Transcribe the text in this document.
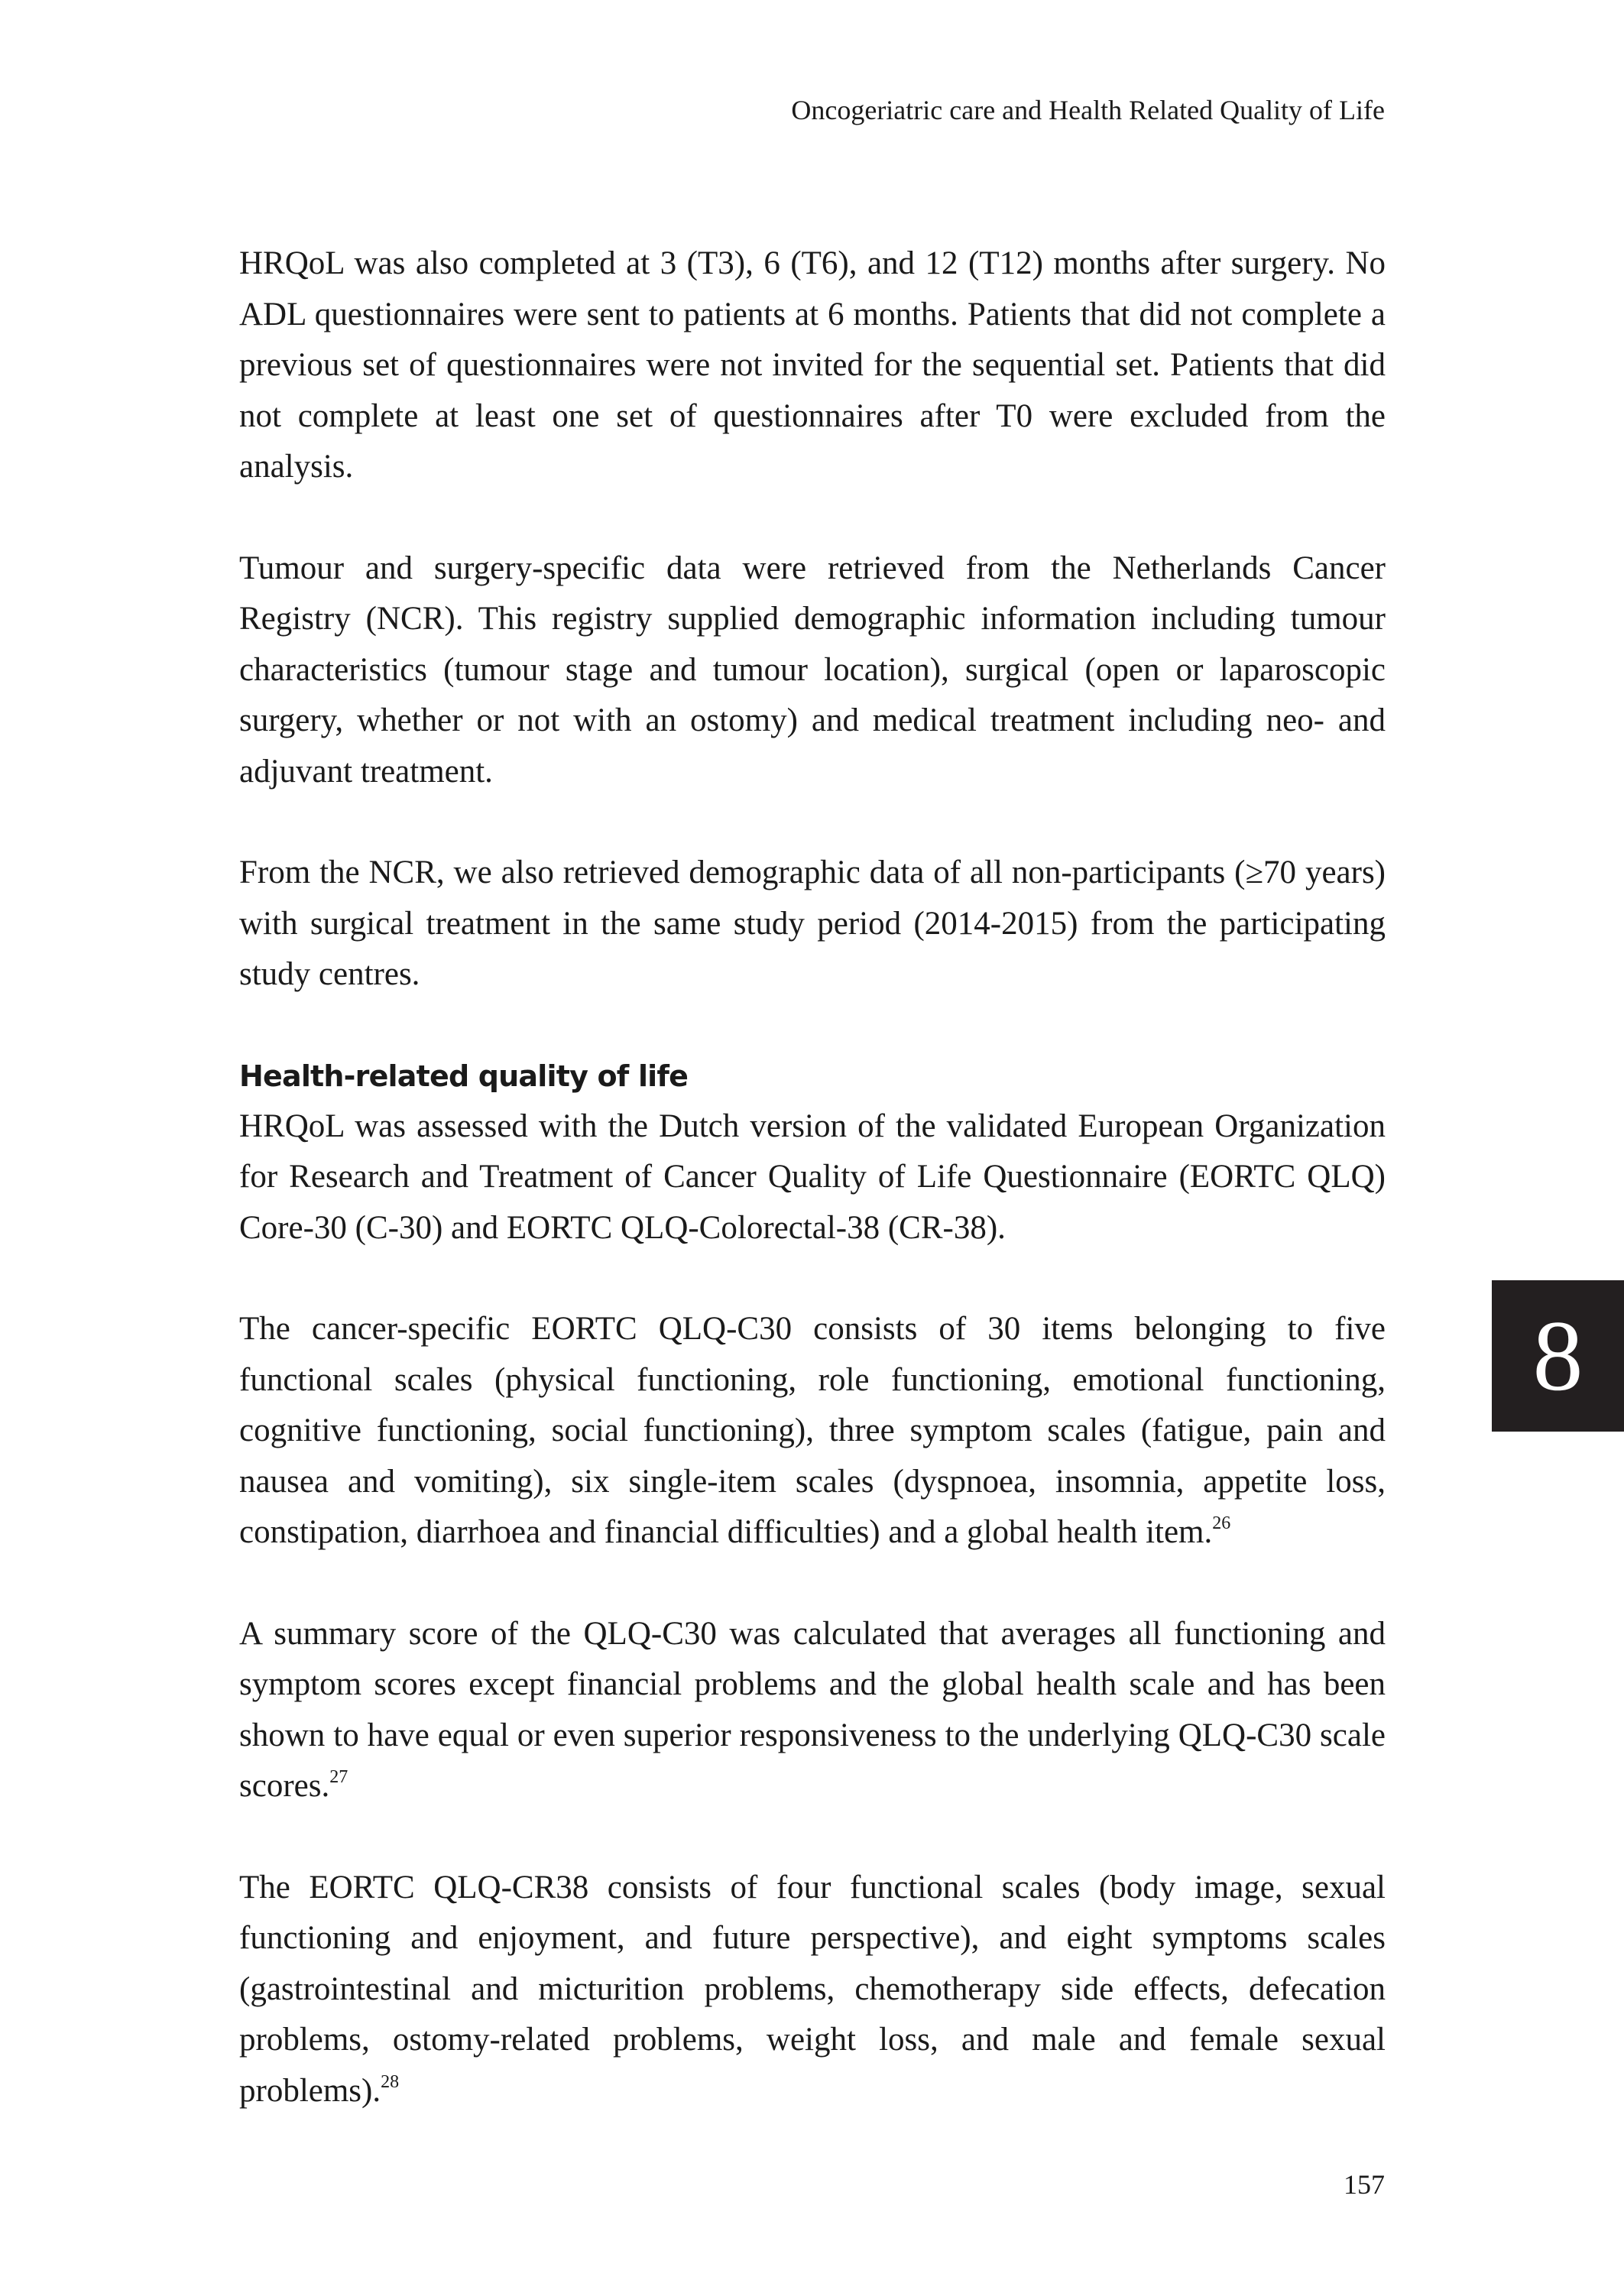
Oncogeriatric care and Health Related Quality of Life

HRQoL was also completed at 3 (T3), 6 (T6), and 12 (T12) months after surgery. No ADL questionnaires were sent to patients at 6 months. Patients that did not complete a previous set of questionnaires were not invited for the sequential set. Patients that did not complete at least one set of questionnaires after T0 were excluded from the analysis.

Tumour and surgery-specific data were retrieved from the Netherlands Cancer Registry (NCR). This registry supplied demographic information including tumour characteristics (tumour stage and tumour location), surgical (open or laparoscopic surgery, whether or not with an ostomy) and medical treatment including neo- and adjuvant treatment.

From the NCR, we also retrieved demographic data of all non-participants (≥70 years) with surgical treatment in the same study period (2014-2015) from the participating study centres.

Health-related quality of life

HRQoL was assessed with the Dutch version of the validated European Organization for Research and Treatment of Cancer Quality of Life Questionnaire (EORTC QLQ) Core-30 (C-30) and EORTC QLQ-Colorectal-38 (CR-38).

The cancer-specific EORTC QLQ-C30 consists of 30 items belonging to five functional scales (physical functioning, role functioning, emotional functioning, cognitive functioning, social functioning), three symptom scales (fatigue, pain and nausea and vomiting), six single-item scales (dyspnoea, insomnia, appetite loss, constipation, diarrhoea and financial difficulties) and a global health item.$^{26}$

A summary score of the QLQ-C30 was calculated that averages all functioning and symptom scores except financial problems and the global health scale and has been shown to have equal or even superior responsiveness to the underlying QLQ-C30 scale scores.$^{27}$

The EORTC QLQ-CR38 consists of four functional scales (body image, sexual functioning and enjoyment, and future perspective), and eight symptoms scales (gastrointestinal and micturition problems, chemotherapy side effects, defecation problems, ostomy-related problems, weight loss, and male and female sexual problems).$^{28}$

8
157
